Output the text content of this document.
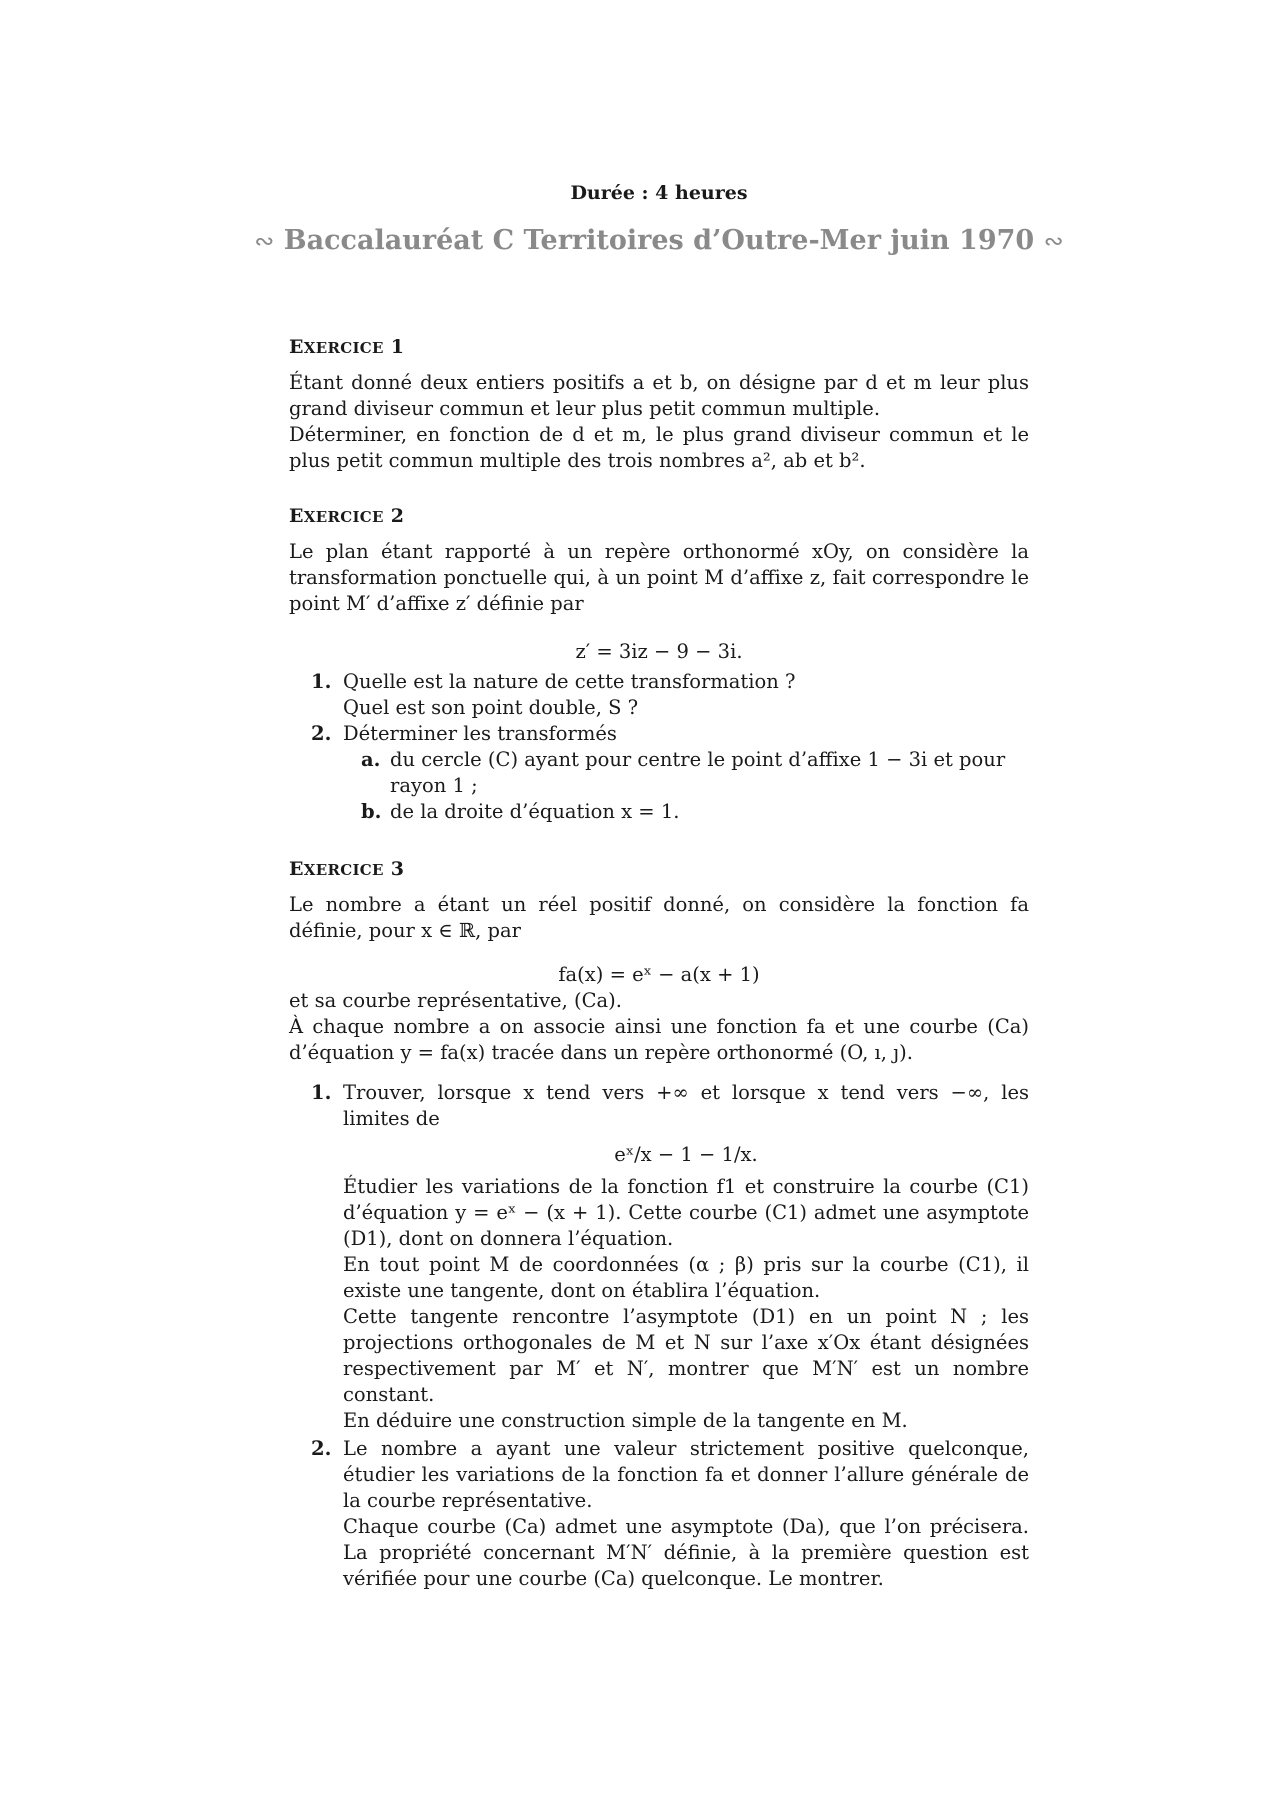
Durée : 4 heures
∾ Baccalauréat C Territoires d’Outre-Mer juin 1970 ∾
EXERCICE 1

Étant donné deux entiers positifs a et b, on désigne par d et m leur plus grand diviseur commun et leur plus petit commun multiple.

Déterminer, en fonction de d et m, le plus grand diviseur commun et le plus petit commun multiple des trois nombres a², ab et b².

EXERCICE 2

Le plan étant rapporté à un repère orthonormé xOy, on considère la transformation ponctuelle qui, à un point M d’affixe z, fait correspondre le point M′ d’affixe z′ définie par

z′ = 3iz − 9 − 3i.

1. Quelle est la nature de cette transformation ?
Quel est son point double, S ?
2. Déterminer les transformés
a. du cercle (C) ayant pour centre le point d’affixe 1 − 3i et pour rayon 1 ;
b. de la droite d’équation x = 1.
EXERCICE 3

Le nombre a étant un réel positif donné, on considère la fonction fa définie, pour x ∈ ℝ, par

fa(x) = eˣ − a(x + 1)

et sa courbe représentative, (Ca).

À chaque nombre a on associe ainsi une fonction fa et une courbe (Ca) d’équation y = fa(x) tracée dans un repère orthonormé (O, ı, ȷ).

1. Trouver, lorsque x tend vers +∞ et lorsque x tend vers −∞, les limites de

eˣ/x − 1 − 1/x.

Étudier les variations de la fonction f1 et construire la courbe (C1) d’équation y = eˣ − (x + 1). Cette courbe (C1) admet une asymptote (D1), dont on donnera l’équation.

En tout point M de coordonnées (α ; β) pris sur la courbe (C1), il existe une tangente, dont on établira l’équation.

Cette tangente rencontre l’asymptote (D1) en un point N ; les projections orthogonales de M et N sur l’axe x′Ox étant désignées respectivement par M′ et N′, montrer que M′N′ est un nombre constant.

En déduire une construction simple de la tangente en M.

2. Le nombre a ayant une valeur strictement positive quelconque, étudier les variations de la fonction fa et donner l’allure générale de la courbe représentative.

Chaque courbe (Ca) admet une asymptote (Da), que l’on précisera. La propriété concernant M′N′ définie, à la première question est vérifiée pour une courbe (Ca) quelconque. Le montrer.
